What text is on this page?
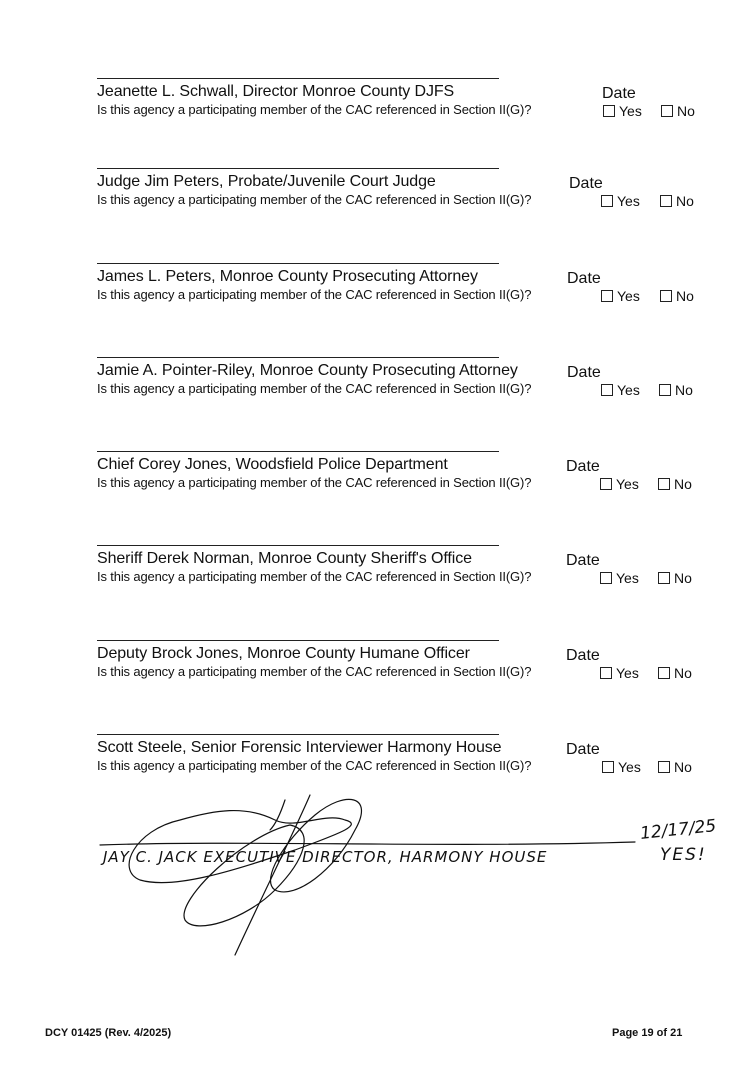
Jeanette L. Schwall, Director Monroe County DJFS	Date
Is this agency a participating member of the CAC referenced in Section II(G)?	Yes	No
Judge Jim Peters, Probate/Juvenile Court Judge	Date
Is this agency a participating member of the CAC referenced in Section II(G)?	Yes	No
James L. Peters, Monroe County Prosecuting Attorney	Date
Is this agency a participating member of the CAC referenced in Section II(G)?	Yes	No
Jamie A. Pointer-Riley, Monroe County Prosecuting Attorney	Date
Is this agency a participating member of the CAC referenced in Section II(G)?	Yes	No
Chief Corey Jones, Woodsfield Police Department	Date
Is this agency a participating member of the CAC referenced in Section II(G)?	Yes	No
Sheriff Derek Norman, Monroe County Sheriff's Office	Date
Is this agency a participating member of the CAC referenced in Section II(G)?	Yes	No
Deputy Brock Jones, Monroe County Humane Officer	Date
Is this agency a participating member of the CAC referenced in Section II(G)?	Yes	No
Scott Steele, Senior Forensic Interviewer Harmony House	Date
Is this agency a participating member of the CAC referenced in Section II(G)?	Yes No
JAY C. JACK EXECUTIVE DIRECTOR, HARMONY HOUSE
12/17/25
YES!
DCY 01425 (Rev. 4/2025)	Page 19 of 21
